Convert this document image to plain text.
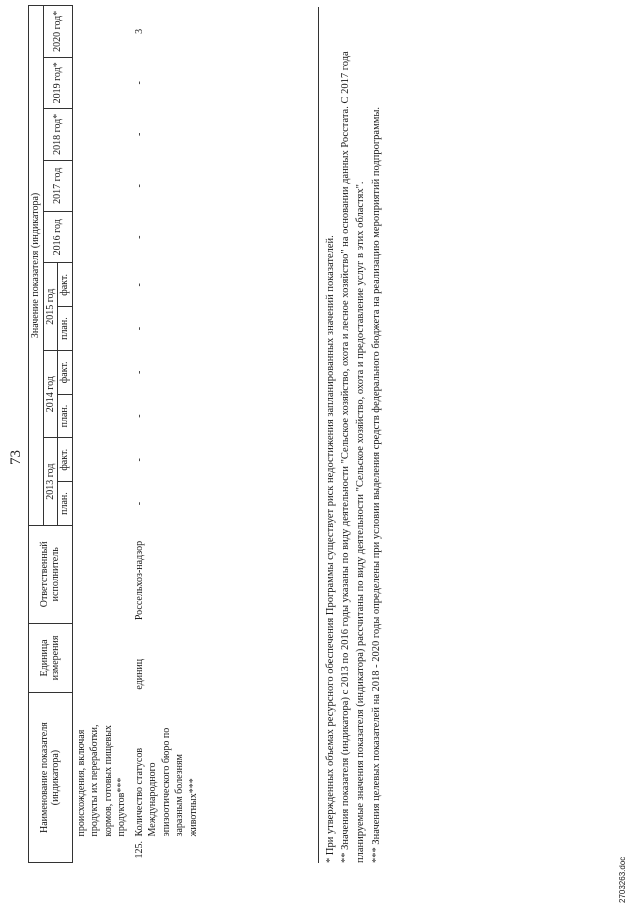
73
Наименование показателя (индикатора)	Единица измерения	Ответственный исполнитель	Значение показателя (индикатора)										
			2013 год		2014 год		2015 год		2016 год	2017 год	2018 год*	2019 год*	2020 год*
			план.	факт.	план.	факт.	план.	факт.					
происхождения, включая продукты их переработки, кормов, готовых пищевых продуктов***													

125.
Количество статусов Международного эпизоотического бюро по заразным болезням животных***	единиц	Россельхоз-надзор	-	-	-	-	-	-	-	-	-	-	3

* При утвержденных объемах ресурсного обеспечения Программы существует риск недостижения запланированных значений показателей. ** Значения показателя (индикатора) с 2013 по 2016 годы указаны по виду деятельности "Сельское хозяйство, охота и лесное хозяйство" на основании данных Росстата. С 2017 года планируемые значения показателя (индикатора) рассчитаны по виду деятельности "Сельское хозяйство, охота и предоставление услуг в этих областях". *** Значения целевых показателей на 2018 - 2020 годы определены при условии выделения средств федерального бюджета на реализацию мероприятий подпрограммы.

2703263.doc
